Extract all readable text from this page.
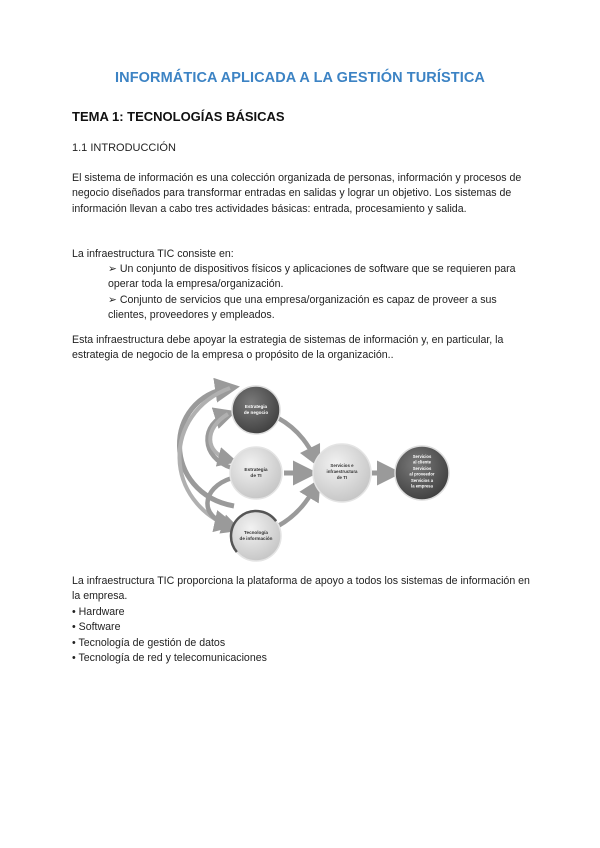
INFORMÁTICA APLICADA A LA GESTIÓN TURÍSTICA
TEMA 1: TECNOLOGÍAS BÁSICAS
1.1 INTRODUCCIÓN
El sistema de información es una colección organizada de personas, información y procesos de negocio diseñados para transformar entradas en salidas y lograr un objetivo. Los sistemas de información llevan a cabo tres actividades básicas: entrada, procesamiento y salida.
La infraestructura TIC consiste en:
➢ Un conjunto de dispositivos físicos y aplicaciones de software que se requieren para operar toda la empresa/organización.
➢ Conjunto de servicios que una empresa/organización es capaz de proveer a sus clientes, proveedores y empleados.
Esta infraestructura debe apoyar la estrategia de sistemas de información y, en particular, la estrategia de negocio de la empresa o propósito de la organización..
Estrategia
de negocio
Estrategia
de TI
Tecnología
de información
Servicios e
infraestructura
de TI
Servicios
al cliente
Servicios
al proveedor
Servicios a
la empresa
La infraestructura TIC proporciona la plataforma de apoyo a todos los sistemas de información en la empresa.
• Hardware
• Software
• Tecnología de gestión de datos
• Tecnología de red y telecomunicaciones
